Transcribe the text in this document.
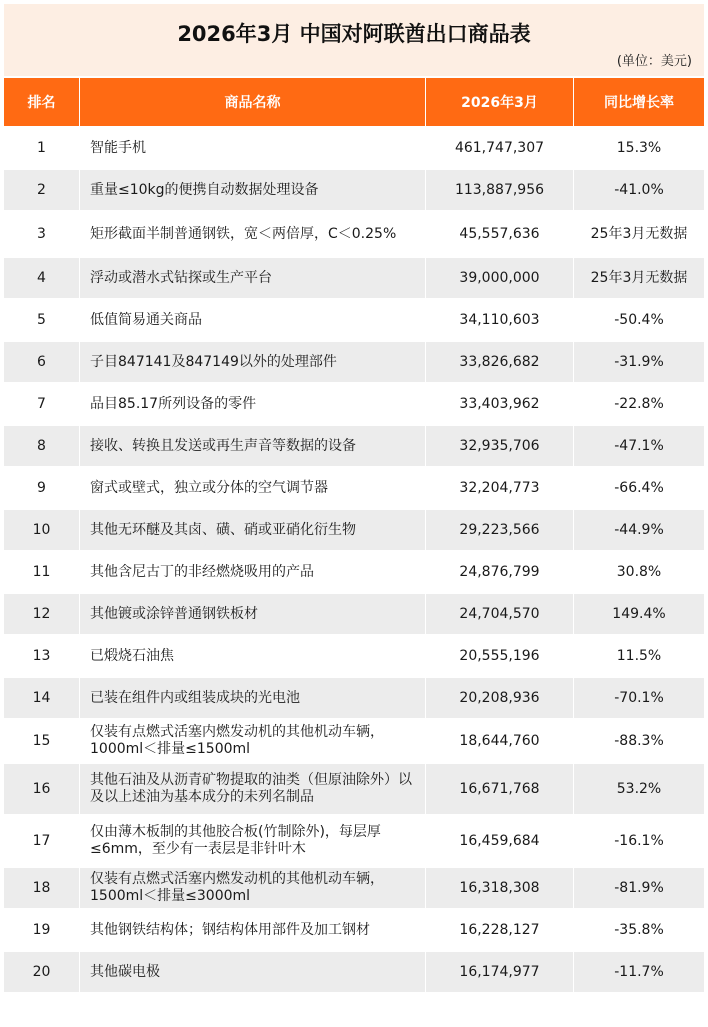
2026年3月 中国对阿联酋出口商品表
(单位：美元)
排名	商品名称	2026年3月	同比增长率
1	智能手机	461,747,307	15.3%
2	重量≤10kg的便携自动数据处理设备	113,887,956	-41.0%
3	矩形截面半制普通钢铁，宽＜两倍厚，C＜0.25%	45,557,636	25年3月无数据
4	浮动或潜水式钻探或生产平台	39,000,000	25年3月无数据
5	低值简易通关商品	34,110,603	-50.4%
6	子目847141及847149以外的处理部件	33,826,682	-31.9%
7	品目85.17所列设备的零件	33,403,962	-22.8%
8	接收、转换且发送或再生声音等数据的设备	32,935,706	-47.1%
9	窗式或壁式，独立或分体的空气调节器	32,204,773	-66.4%
10	其他无环醚及其卤、磺、硝或亚硝化衍生物	29,223,566	-44.9%
11	其他含尼古丁的非经燃烧吸用的产品	24,876,799	30.8%
12	其他镀或涂锌普通钢铁板材	24,704,570	149.4%
13	已煅烧石油焦	20,555,196	11.5%
14	已装在组件内或组装成块的光电池	20,208,936	-70.1%
15	仅装有点燃式活塞内燃发动机的其他机动车辆，1000ml＜排量≤1500ml	18,644,760	-88.3%
16	其他石油及从沥青矿物提取的油类（但原油除外）以及以上述油为基本成分的未列名制品	16,671,768	53.2%
17	仅由薄木板制的其他胶合板(竹制除外)，每层厚≤6mm，至少有一表层是非针叶木	16,459,684	-16.1%
18	仅装有点燃式活塞内燃发动机的其他机动车辆，1500ml＜排量≤3000ml	16,318,308	-81.9%
19	其他钢铁结构体；钢结构体用部件及加工钢材	16,228,127	-35.8%
20	其他碳电极	16,174,977	-11.7%
